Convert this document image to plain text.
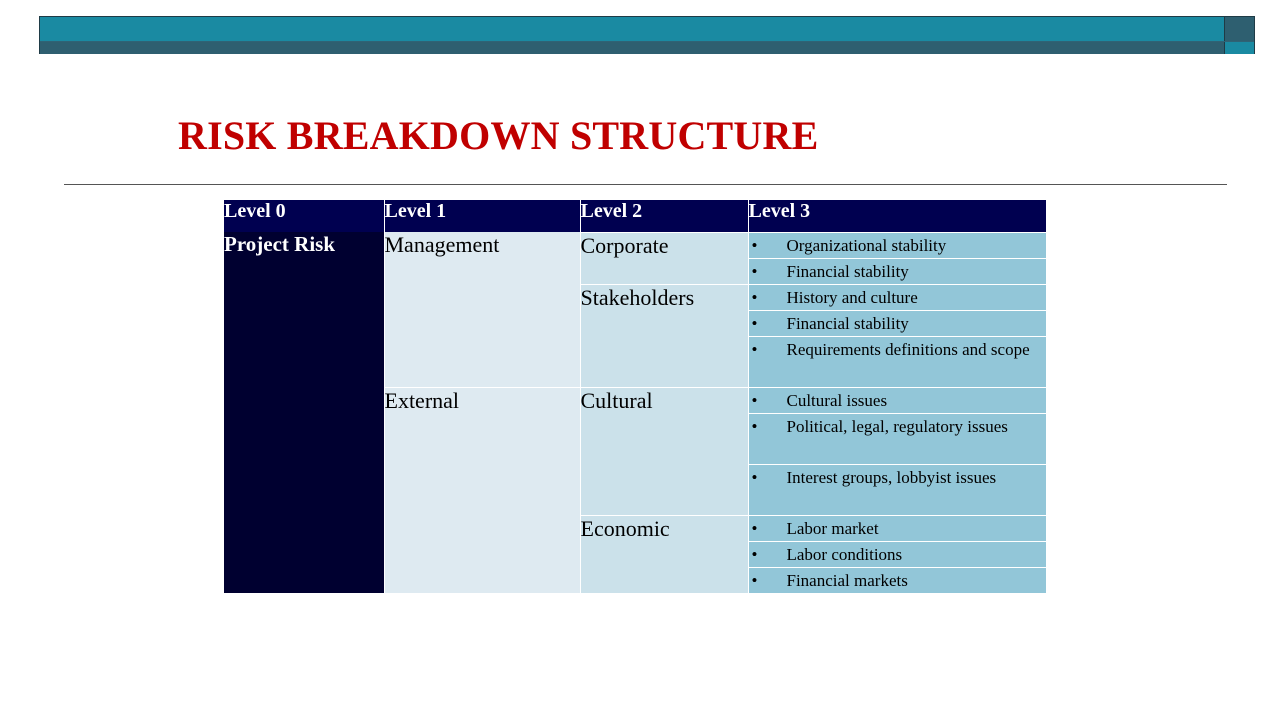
RISK BREAKDOWN STRUCTURE
Level 0	Level 1	Level 2	Level 3
Project Risk	Management	Corporate	• Organizational stability

			• Financial stability

		Stakeholders	• History and culture

			• Financial stability

			• Requirements definitions and scope

	External	Cultural	• Cultural issues

			• Political, legal, regulatory issues

			• Interest groups, lobbyist issues

		Economic	• Labor market

			• Labor conditions

			• Financial markets
